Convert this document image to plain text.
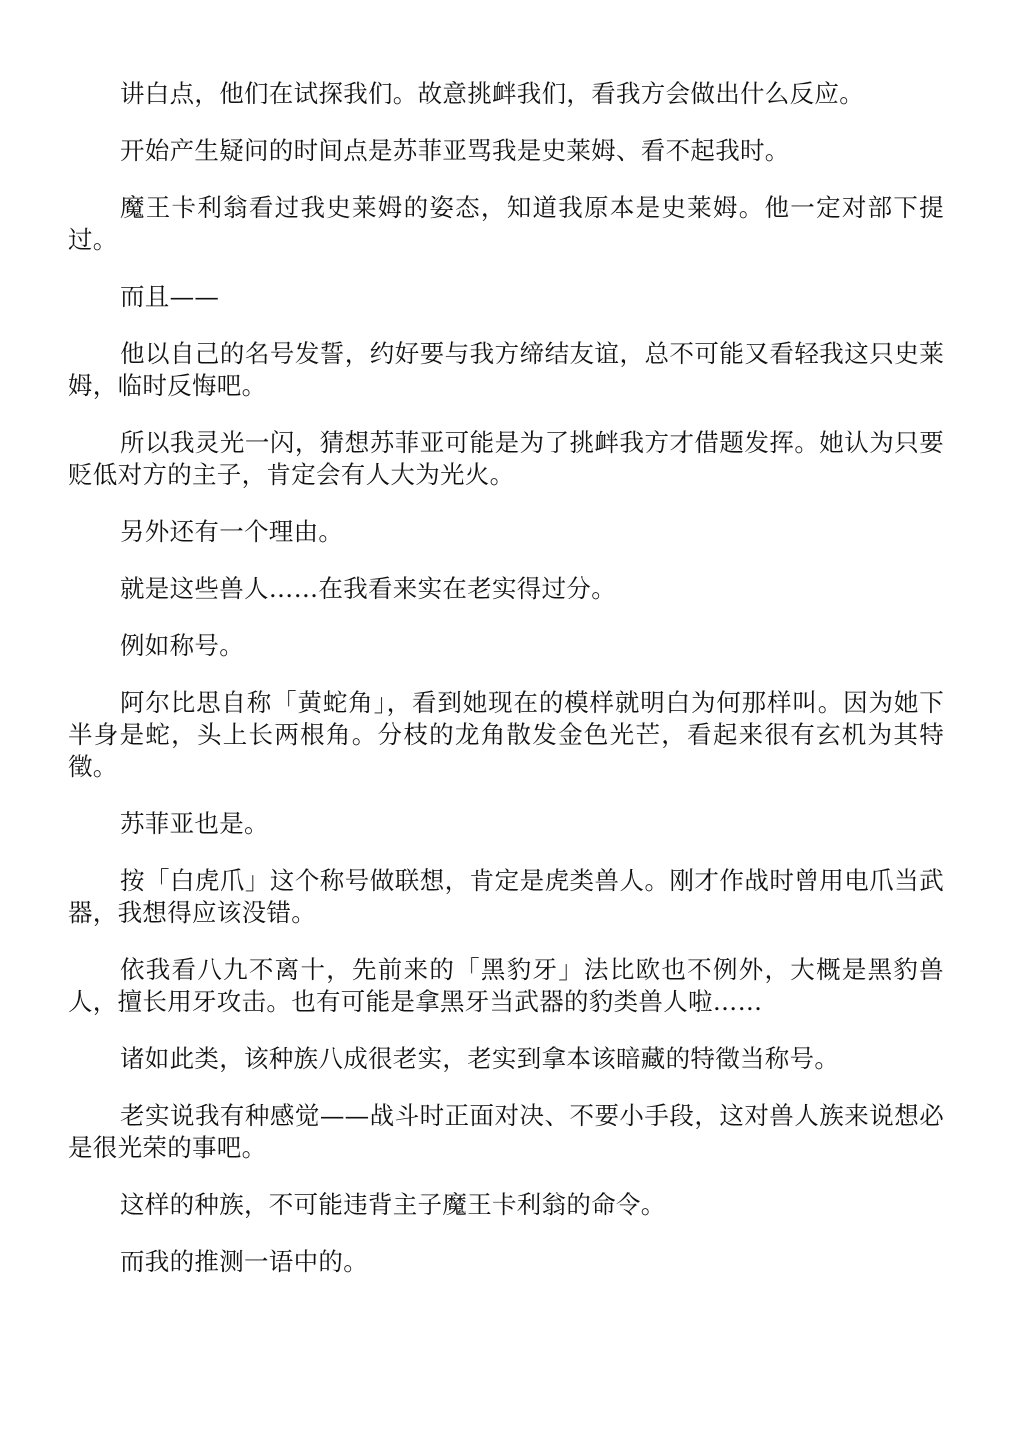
讲白点，他们在试探我们。故意挑衅我们，看我方会做出什么反应。

开始产生疑问的时间点是苏菲亚骂我是史莱姆、看不起我时。

魔王卡利翁看过我史莱姆的姿态，知道我原本是史莱姆。他一定对部下提过。

而且——

他以自己的名号发誓，约好要与我方缔结友谊，总不可能又看轻我这只史莱姆，临时反悔吧。

所以我灵光一闪，猜想苏菲亚可能是为了挑衅我方才借题发挥。她认为只要贬低对方的主子，肯定会有人大为光火。

另外还有一个理由。

就是这些兽人……在我看来实在老实得过分。

例如称号。

阿尔比思自称「黄蛇角」，看到她现在的模样就明白为何那样叫。因为她下半身是蛇，头上长两根角。分枝的龙角散发金色光芒，看起来很有玄机为其特徵。

苏菲亚也是。

按「白虎爪」这个称号做联想，肯定是虎类兽人。刚才作战时曾用电爪当武器，我想得应该没错。

依我看八九不离十，先前来的「黑豹牙」法比欧也不例外，大概是黑豹兽人，擅长用牙攻击。也有可能是拿黑牙当武器的豹类兽人啦……

诸如此类，该种族八成很老实，老实到拿本该暗藏的特徵当称号。

老实说我有种感觉——战斗时正面对决、不要小手段，这对兽人族来说想必是很光荣的事吧。

这样的种族，不可能违背主子魔王卡利翁的命令。

而我的推测一语中的。
